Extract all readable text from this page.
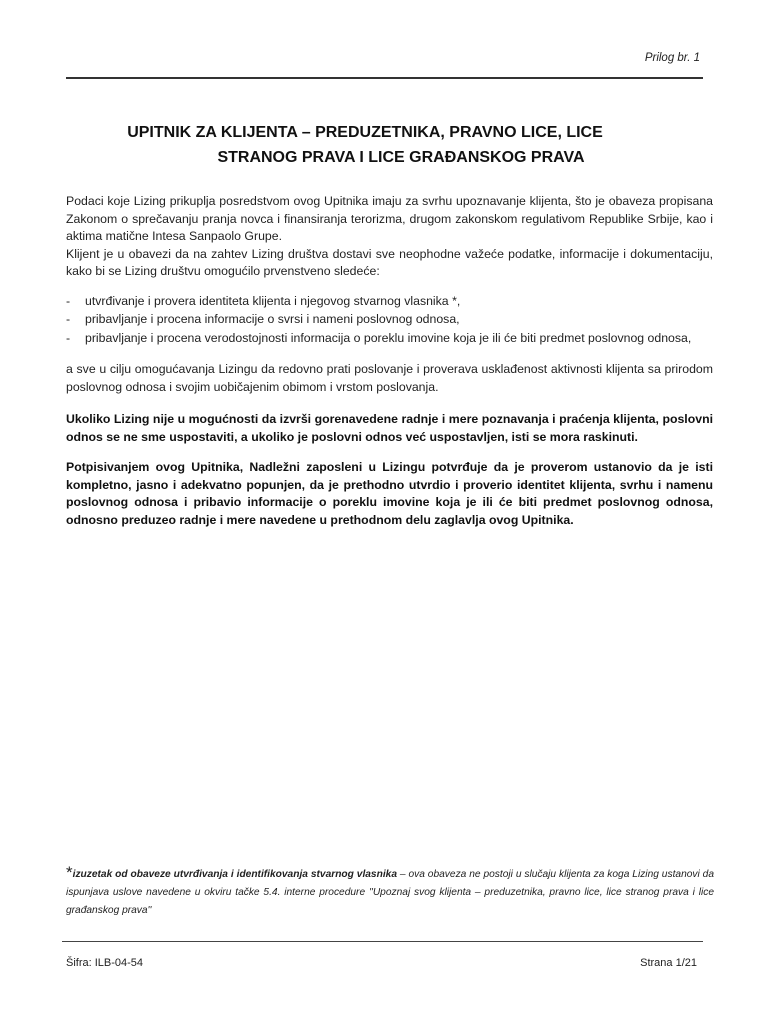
Prilog br. 1
UPITNIK ZA KLIJENTA – PREDUZETNIKA, PRAVNO LICE, LICE
STRANOG PRAVA I LICE GRAĐANSKOG PRAVA

Podaci koje Lizing prikuplja posredstvom ovog Upitnika imaju za svrhu upoznavanje klijenta, što je obaveza propisana Zakonom o sprečavanju pranja novca i finansiranja terorizma, drugom zakonskom regulativom Republike Srbije, kao i aktima matične Intesa Sanpaolo Grupe.

Klijent je u obavezi da na zahtev Lizing društva dostavi sve neophodne važeće podatke, informacije i dokumentaciju, kako bi se Lizing društvu omogućilo prvenstveno sledeće:

- utvrđivanje i provera identiteta klijenta i njegovog stvarnog vlasnika *,
- pribavljanje i procena informacije o svrsi i nameni poslovnog odnosa,
- pribavljanje i procena verodostojnosti informacija o poreklu imovine koja je ili će biti predmet poslovnog odnosa,

a sve u cilju omogućavanja Lizingu da redovno prati poslovanje i proverava usklađenost aktivnosti klijenta sa prirodom poslovnog odnosa i svojim uobičajenim obimom i vrstom poslovanja.

Ukoliko Lizing nije u mogućnosti da izvrši gorenavedene radnje i mere poznavanja i praćenja klijenta, poslovni odnos se ne sme uspostaviti, a ukoliko je poslovni odnos već uspostavljen, isti se mora raskinuti.

Potpisivanjem ovog Upitnika, Nadležni zaposleni u Lizingu potvrđuje da je proverom ustanovio da je isti kompletno, jasno i adekvatno popunjen, da je prethodno utvrdio i proverio identitet klijenta, svrhu i namenu poslovnog odnosa i pribavio informacije o poreklu imovine koja je ili će biti predmet poslovnog odnosa, odnosno preduzeo radnje i mere navedene u prethodnom delu zaglavlja ovog Upitnika.

*izuzetak od obaveze utvrđivanja i identifikovanja stvarnog vlasnika – ova obaveza ne postoji u slučaju klijenta za koga Lizing ustanovi da ispunjava uslove navedene u okviru tačke 5.4. interne procedure ''Upoznaj svog klijenta – preduzetnika, pravno lice, lice stranog prava i lice građanskog prava''
Šifra: ILB-04-54	Strana 1/21
